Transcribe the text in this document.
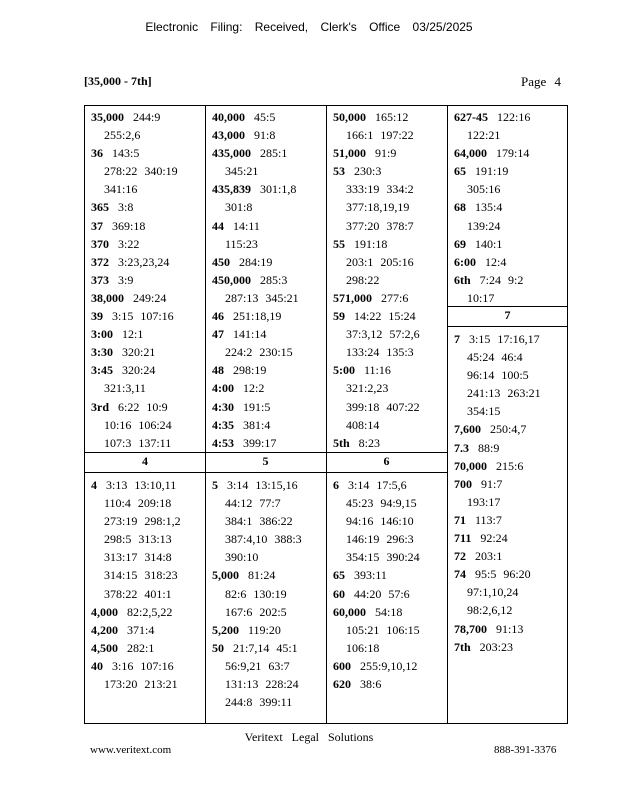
Electronic Filing: Received, Clerk's Office 03/25/2025
[35,000 - 7th]	Page 4
35,000 244:9
255:2,6
36 143:5
278:22 340:19
341:16
365 3:8
37 369:18
370 3:22
372 3:23,23,24
373 3:9
38,000 249:24
39 3:15 107:16
3:00 12:1
3:30 320:21
3:45 320:24
321:3,11
3rd 6:22 10:9
10:16 106:24
107:3 137:11
40,000 45:5
43,000 91:8
435,000 285:1
345:21
435,839 301:1,8
301:8
44 14:11
115:23
450 284:19
450,000 285:3
287:13 345:21
46 251:18,19
47 141:14
224:2 230:15
48 298:19
4:00 12:2
4:30 191:5
4:35 381:4
4:53 399:17
50,000 165:12
166:1 197:22
51,000 91:9
53 230:3
333:19 334:2
377:18,19,19
377:20 378:7
55 191:18
203:1 205:16
298:22
571,000 277:6
59 14:22 15:24
37:3,12 57:2,6
133:24 135:3
5:00 11:16
321:2,23
399:18 407:22
408:14
5th 8:23
627-45 122:16
122:21
64,000 179:14
65 191:19
305:16
68 135:4
139:24
69 140:1
6:00 12:4
6th 7:24 9:2
10:17
4
4 3:13 13:10,11
110:4 209:18
273:19 298:1,2
298:5 313:13
313:17 314:8
314:15 318:23
378:22 401:1
4,000 82:2,5,22
4,200 371:4
4,500 282:1
40 3:16 107:16
173:20 213:21
5
5 3:14 13:15,16
44:12 77:7
384:1 386:22
387:4,10 388:3
390:10
5,000 81:24
82:6 130:19
167:6 202:5
5,200 119:20
50 21:7,14 45:1
56:9,21 63:7
131:13 228:24
244:8 399:11
6
6 3:14 17:5,6
45:23 94:9,15
94:16 146:10
146:19 296:3
354:15 390:24
65 393:11
60 44:20 57:6
60,000 54:18
105:21 106:15
106:18
600 255:9,10,12
620 38:6
7
7 3:15 17:16,17
45:24 46:4
96:14 100:5
241:13 263:21
354:15
7,600 250:4,7
7.3 88:9
70,000 215:6
700 91:7
193:17
71 113:7
711 92:24
72 203:1
74 95:5 96:20
97:1,10,24
98:2,6,12
78,700 91:13
7th 203:23
Veritext Legal Solutions
www.veritext.com	888-391-3376
